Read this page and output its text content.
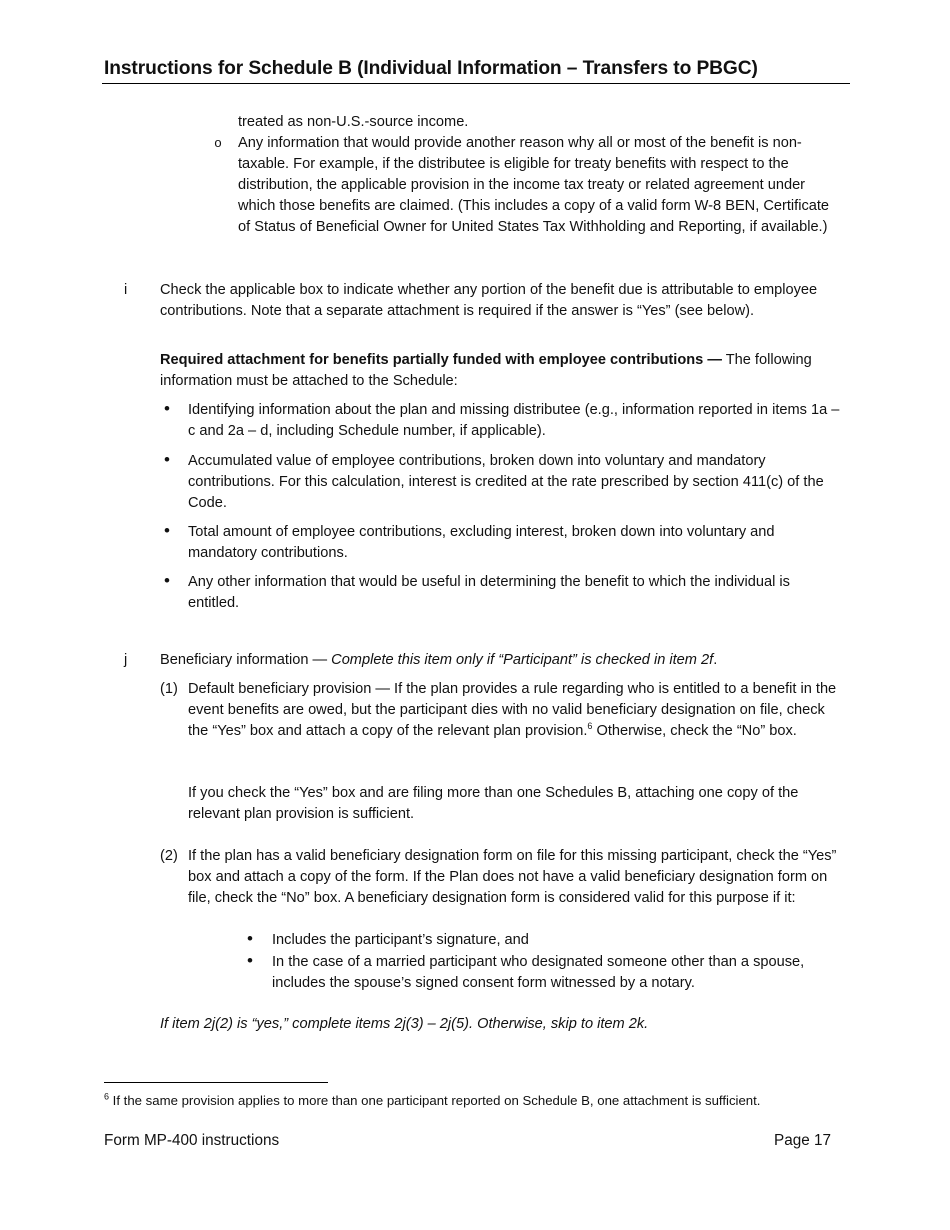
Instructions for Schedule B (Individual Information – Transfers to PBGC)

treated as non-U.S.-source income.

o	Any information that would provide another reason why all or most of the benefit is non- taxable. For example, if the distributee is eligible for treaty benefits with respect to the distribution, the applicable provision in the income tax treaty or related agreement under which those benefits are claimed. (This includes a copy of a valid form W-8 BEN, Certificate of Status of Beneficial Owner for United States Tax Withholding and Reporting, if available.)

i	Check the applicable box to indicate whether any portion of the benefit due is attributable to employee contributions. Note that a separate attachment is required if the answer is “Yes” (see below).

Required attachment for benefits partially funded with employee contributions — The following information must be attached to the Schedule:

• Identifying information about the plan and missing distributee (e.g., information reported in items 1a – c and 2a – d, including Schedule number, if applicable).

• Accumulated value of employee contributions, broken down into voluntary and mandatory contributions. For this calculation, interest is credited at the rate prescribed by section 411(c) of the Code.

• Total amount of employee contributions, excluding interest, broken down into voluntary and mandatory contributions.

• Any other information that would be useful in determining the benefit to which the individual is entitled.

j	Beneficiary information — Complete this item only if “Participant” is checked in item 2f.

(1) Default beneficiary provision — If the plan provides a rule regarding who is entitled to a benefit in the event benefits are owed, but the participant dies with no valid beneficiary designation on file, check the “Yes” box and attach a copy of the relevant plan provision.$^6$ Otherwise, check the “No” box.

If you check the “Yes” box and are filing more than one Schedules B, attaching one copy of the relevant plan provision is sufficient.

(2) If the plan has a valid beneficiary designation form on file for this missing participant, check the “Yes” box and attach a copy of the form. If the Plan does not have a valid beneficiary designation form on file, check the “No” box. A beneficiary designation form is considered valid for this purpose if it:

• Includes the participant’s signature, and

• In the case of a married participant who designated someone other than a spouse, includes the spouse’s signed consent form witnessed by a notary.

If item 2j(2) is “yes,” complete items 2j(3) – 2j(5). Otherwise, skip to item 2k.

$^6$ If the same provision applies to more than one participant reported on Schedule B, one attachment is sufficient.

Form MP-400 instructions	Page 17
